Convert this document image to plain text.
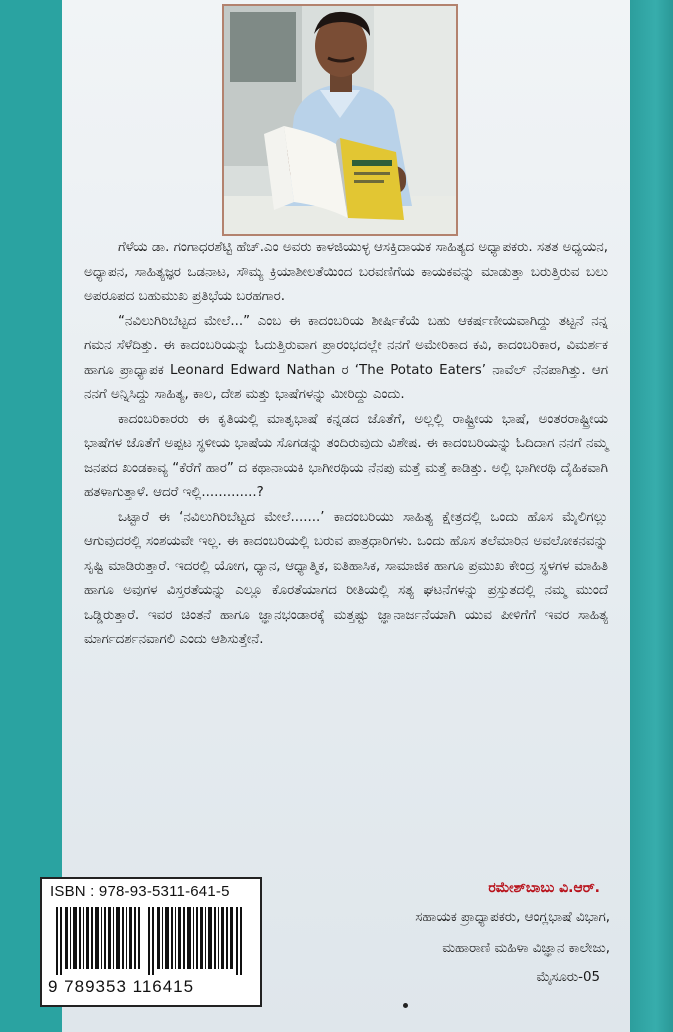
ಗೆಳೆಯ ಡಾ. ಗಂಗಾಧರಶೆಟ್ಟಿ ಹೆಚ್.ಎಂ ಅವರು ಕಾಳಜಿಯುಳ್ಳ ಆಸಕ್ತಿದಾಯಕ ಸಾಹಿತ್ಯದ ಅಧ್ಯಾಪಕರು. ಸತತ ಅಧ್ಯಯನ, ಅಧ್ಯಾಪನ, ಸಾಹಿತ್ಯಜ್ಞರ ಒಡನಾಟ, ಸೌಮ್ಯ ಕ್ರಿಯಾಶೀಲತೆಯಿಂದ ಬರವಣಿಗೆಯ ಕಾಯಕವನ್ನು ಮಾಡುತ್ತಾ ಬರುತ್ತಿರುವ ಬಲು ಅಪರೂಪದ ಬಹುಮುಖ ಪ್ರತಿಭೆಯ ಬರಹಗಾರ.

“ನವಿಲುಗಿರಿಬೆಟ್ಟದ ಮೇಲೆ...” ಎಂಬ ಈ ಕಾದಂಬರಿಯ ಶೀರ್ಷಿಕೆಯೆ ಬಹು ಆಕರ್ಷಣೀಯವಾಗಿದ್ದು ತಟ್ಟನೆ ನನ್ನ ಗಮನ ಸೆಳೆದಿತ್ತು. ಈ ಕಾದಂಬರಿಯನ್ನು ಓದುತ್ತಿರುವಾಗ ಪ್ರಾರಂಭದಲ್ಲೇ ನನಗೆ ಅಮೇರಿಕಾದ ಕವಿ, ಕಾದಂಬರಿಕಾರ, ವಿಮರ್ಶಕ ಹಾಗೂ ಪ್ರಾಧ್ಯಾಪಕ Leonard Edward Nathan ರ ‘The Potato Eaters’ ನಾವೆಲ್ ನೆನಪಾಗಿತ್ತು. ಆಗ ನನಗೆ ಅನ್ನಿಸಿದ್ದು ಸಾಹಿತ್ಯ, ಕಾಲ, ದೇಶ ಮತ್ತು ಭಾಷೆಗಳನ್ನು ಮೀರಿದ್ದು ಎಂದು.

ಕಾದಂಬರಿಕಾರರು ಈ ಕೃತಿಯಲ್ಲಿ ಮಾತೃಭಾಷೆ ಕನ್ನಡದ ಜೊತೆಗೆ, ಅಲ್ಲಲ್ಲಿ ರಾಷ್ಟ್ರೀಯ ಭಾಷೆ, ಅಂತರರಾಷ್ಟ್ರೀಯ ಭಾಷೆಗಳ ಜೊತೆಗೆ ಅಪ್ಪಟ ಸ್ಥಳೀಯ ಭಾಷೆಯ ಸೊಗಡನ್ನು ತಂದಿರುವುದು ವಿಶೇಷ. ಈ ಕಾದಂಬರಿಯನ್ನು ಓದಿದಾಗ ನನಗೆ ನಮ್ಮ ಜನಪದ ಖಂಡಕಾವ್ಯ “ಕೆರೆಗೆ ಹಾರ” ದ ಕಥಾನಾಯಕಿ ಭಾಗೀರಥಿಯ ನೆನಪು ಮತ್ತೆ ಮತ್ತೆ ಕಾಡಿತ್ತು. ಅಲ್ಲಿ ಭಾಗೀರಥಿ ದೈಹಿಕವಾಗಿ ಹತಳಾಗುತ್ತಾಳೆ. ಆದರೆ ಇಲ್ಲಿ.............?

ಒಟ್ಟಾರೆ ಈ ‘ನವಿಲುಗಿರಿಬೆಟ್ಟದ ಮೇಲೆ.......’ ಕಾದಂಬರಿಯು ಸಾಹಿತ್ಯ ಕ್ಷೇತ್ರದಲ್ಲಿ ಒಂದು ಹೊಸ ಮೈಲಿಗಲ್ಲು ಆಗುವುದರಲ್ಲಿ ಸಂಶಯವೇ ಇಲ್ಲ. ಈ ಕಾದಂಬರಿಯಲ್ಲಿ ಬರುವ ಪಾತ್ರಧಾರಿಗಳು. ಒಂದು ಹೊಸ ತಲೆಮಾರಿನ ಅವಲೋಕನವನ್ನು ಸೃಷ್ಟಿ ಮಾಡಿರುತ್ತಾರೆ. ಇದರಲ್ಲಿ ಯೋಗ, ಧ್ಯಾನ, ಆಧ್ಯಾತ್ಮಿಕ, ಐತಿಹಾಸಿಕ, ಸಾಮಾಜಿಕ ಹಾಗೂ ಪ್ರಮುಖ ಕೇಂದ್ರ ಸ್ಥಳಗಳ ಮಾಹಿತಿ ಹಾಗೂ ಅವುಗಳ ವಿಸ್ತರತೆಯನ್ನು ಎಲ್ಲೂ ಕೊರತೆಯಾಗದ ರೀತಿಯಲ್ಲಿ ಸತ್ಯ ಘಟನೆಗಳನ್ನು ಪ್ರಸ್ತುತದಲ್ಲಿ ನಮ್ಮ ಮುಂದೆ ಒಡ್ಡಿರುತ್ತಾರೆ. ಇವರ ಚಿಂತನೆ ಹಾಗೂ ಜ್ಞಾನಭಂಡಾರಕ್ಕೆ ಮತ್ತಷ್ಟು ಜ್ಞಾನಾರ್ಜನೆಯಾಗಿ ಯುವ ಪೀಳಿಗೆಗೆ ಇವರ ಸಾಹಿತ್ಯ ಮಾರ್ಗದರ್ಶನವಾಗಲಿ ಎಂದು ಆಶಿಸುತ್ತೇನೆ.

ISBN : 978-93-5311-641-5
9 789353 116415
ರಮೇಶ್‌ಬಾಬು ವಿ.ಆರ್.
ಸಹಾಯಕ ಪ್ರಾಧ್ಯಾಪಕರು, ಆಂಗ್ಲಭಾಷೆ ವಿಭಾಗ,
ಮಹಾರಾಣಿ ಮಹಿಳಾ ವಿಜ್ಞಾನ ಕಾಲೇಜು,
ಮೈಸೂರು-05
